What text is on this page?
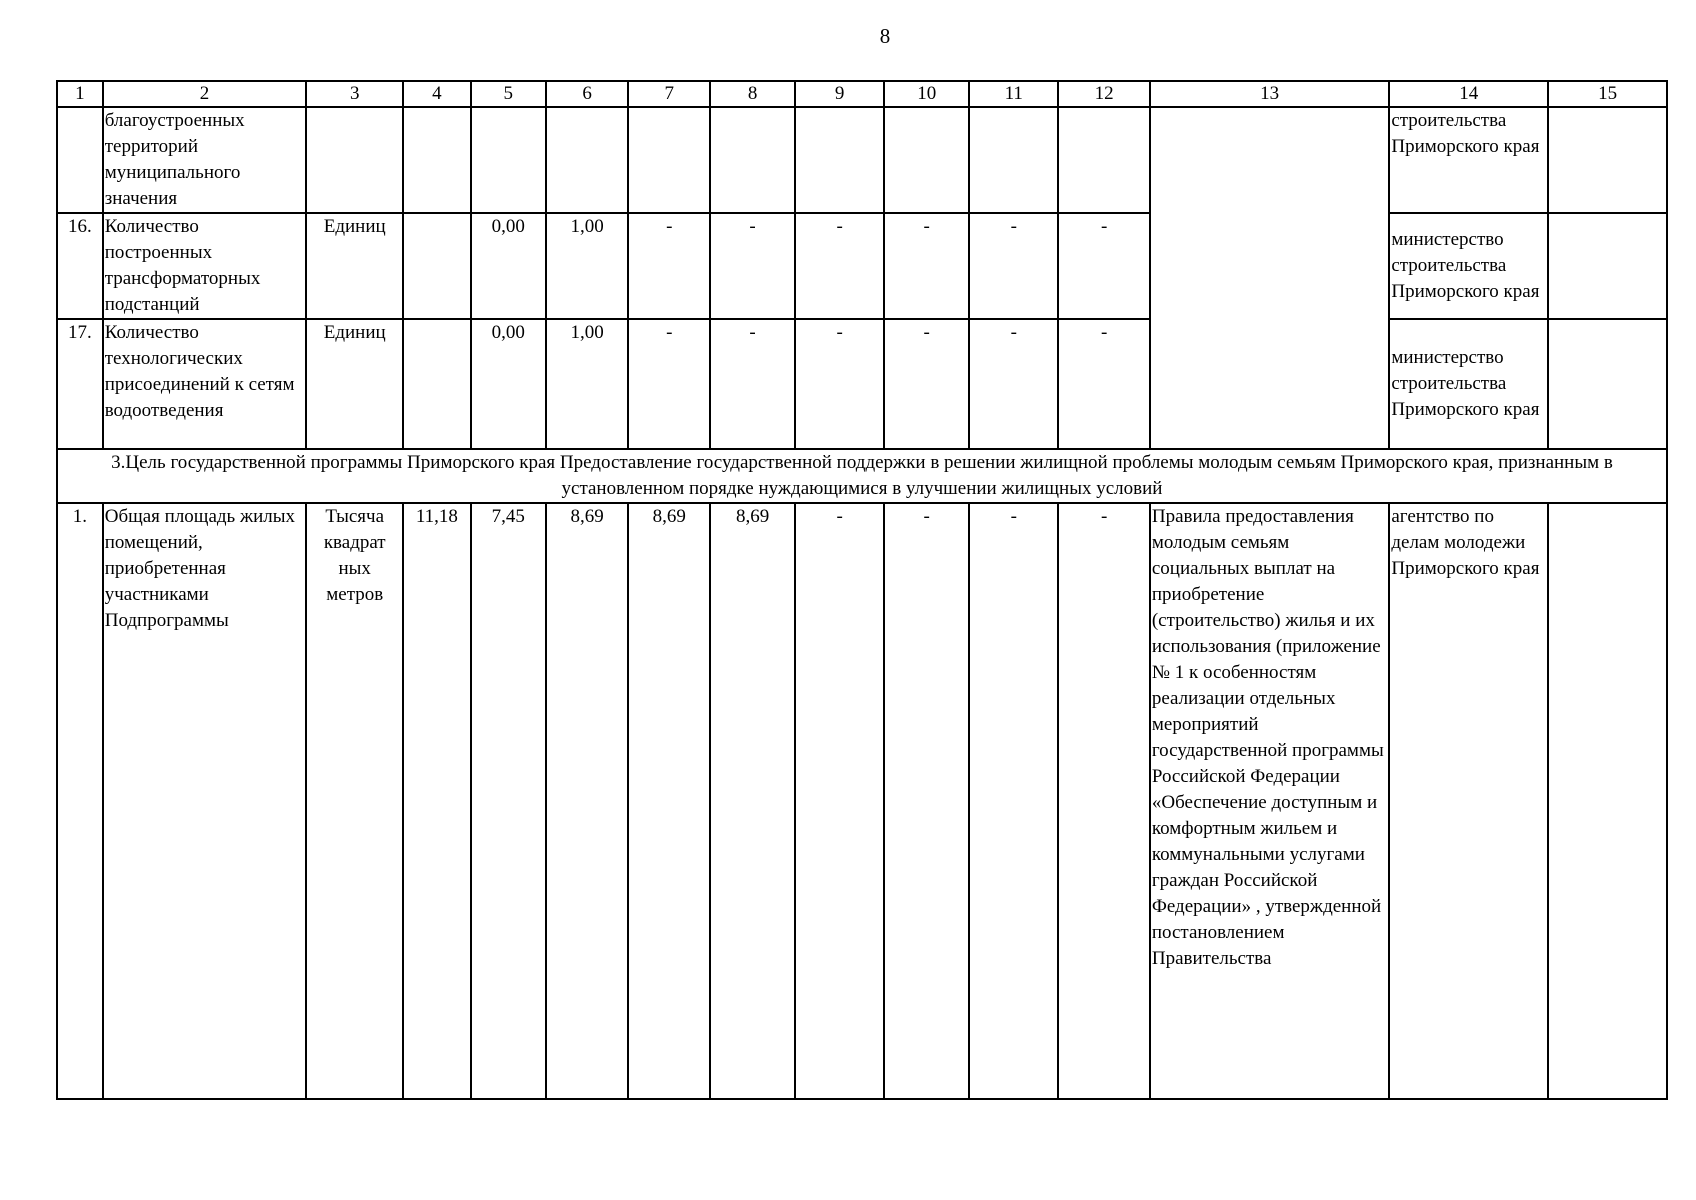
8
1	2	3	4	5	6	7	8	9	10	11	12	13	14	15
	благоустроенных территорий муниципального значения												строительства Приморского края	
16.	Количество построенных трансформаторных подстанций	Единиц		0,00	1,00	-	-	-	-	-	-		министерство строительства Приморского края	
17.	Количество технологических присоединений к сетям водоотведения	Единиц		0,00	1,00	-	-	-	-	-	-		министерство строительства Приморского края	
3.Цель государственной программы Приморского края Предоставление государственной поддержки в решении жилищной проблемы молодым семьям Приморского края, признанным в установленном порядке нуждающимися в улучшении жилищных условий														
1.	Общая площадь жилых помещений, приобретенная участниками Подпрограммы	Тысяча квадрат ных метров	11,18	7,45	8,69	8,69	8,69	-	-	-	-	Правила предоставления молодым семьям социальных выплат на приобретение (строительство) жилья и их использования (приложение № 1 к особенностям реализации отдельных мероприятий государственной программы Российской Федерации «Обеспечение доступным и комфортным жильем и коммунальными услугами граждан Российской Федерации» , утвержденной постановлением Правительства	агентство по делам молодежи Приморского края	
